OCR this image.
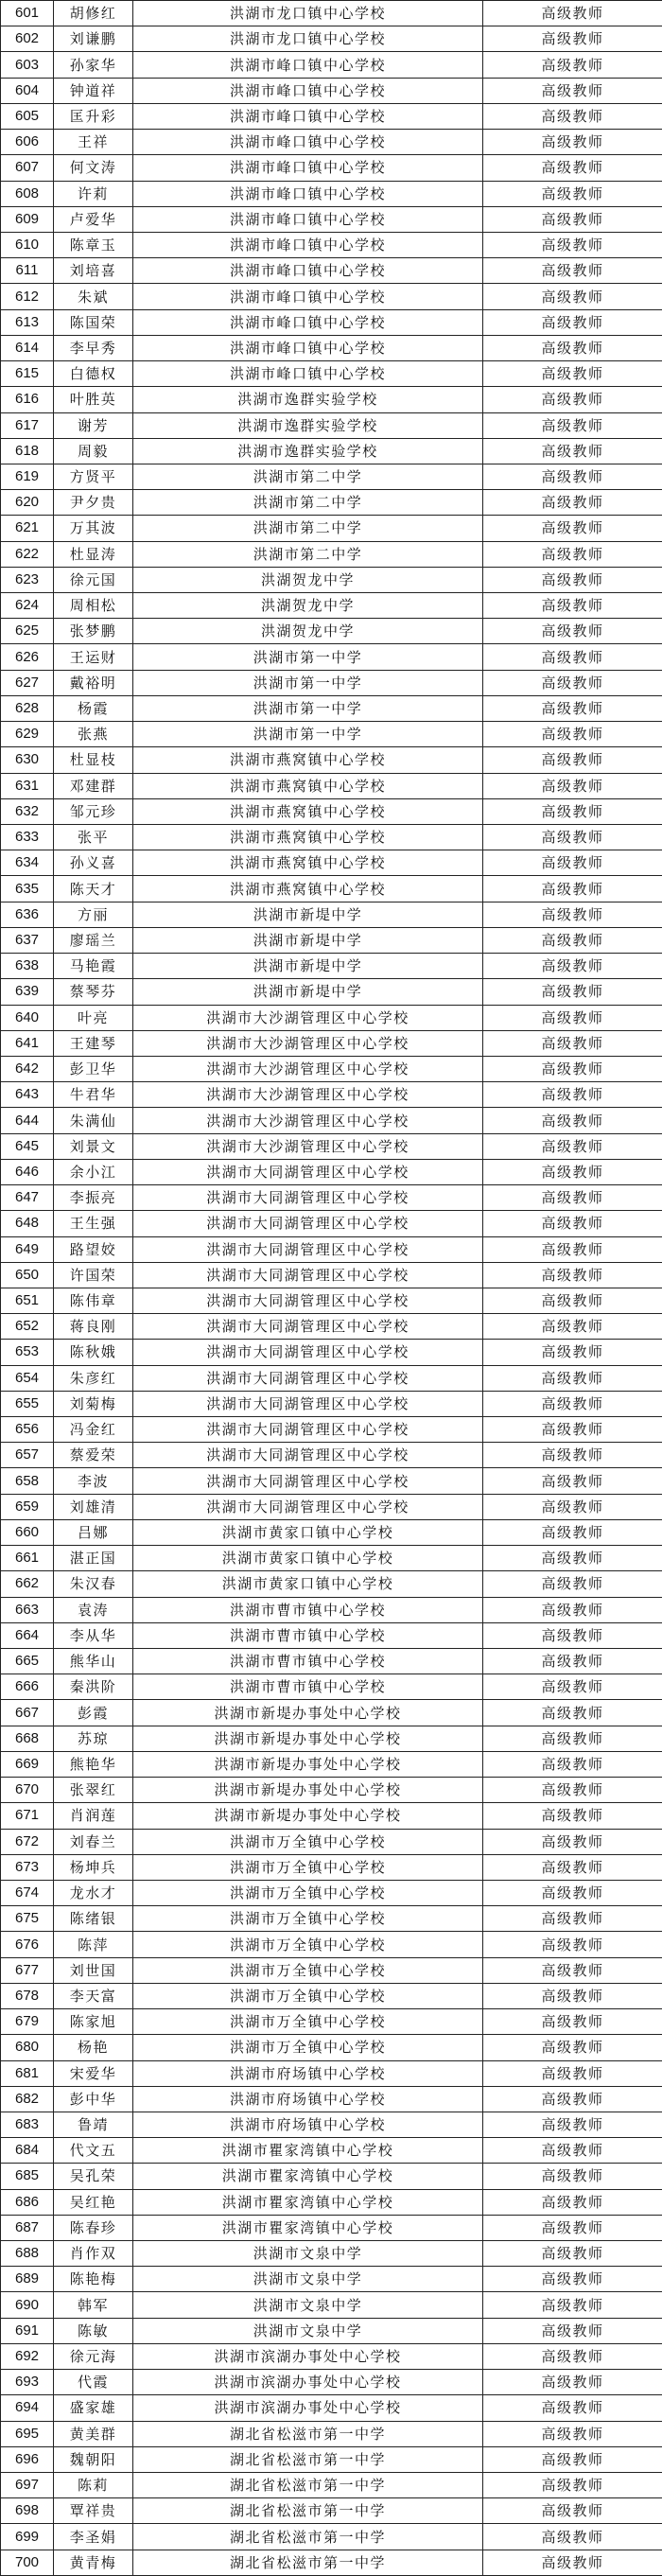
601	胡修红	洪湖市龙口镇中心学校	高级教师
602	刘谦鹏	洪湖市龙口镇中心学校	高级教师
603	孙家华	洪湖市峰口镇中心学校	高级教师
604	钟道祥	洪湖市峰口镇中心学校	高级教师
605	匡升彩	洪湖市峰口镇中心学校	高级教师
606	王祥	洪湖市峰口镇中心学校	高级教师
607	何文涛	洪湖市峰口镇中心学校	高级教师
608	许莉	洪湖市峰口镇中心学校	高级教师
609	卢爱华	洪湖市峰口镇中心学校	高级教师
610	陈章玉	洪湖市峰口镇中心学校	高级教师
611	刘培喜	洪湖市峰口镇中心学校	高级教师
612	朱斌	洪湖市峰口镇中心学校	高级教师
613	陈国荣	洪湖市峰口镇中心学校	高级教师
614	李早秀	洪湖市峰口镇中心学校	高级教师
615	白德权	洪湖市峰口镇中心学校	高级教师
616	叶胜英	洪湖市逸群实验学校	高级教师
617	谢芳	洪湖市逸群实验学校	高级教师
618	周毅	洪湖市逸群实验学校	高级教师
619	方贤平	洪湖市第二中学	高级教师
620	尹夕贵	洪湖市第二中学	高级教师
621	万其波	洪湖市第二中学	高级教师
622	杜显涛	洪湖市第二中学	高级教师
623	徐元国	洪湖贺龙中学	高级教师
624	周相松	洪湖贺龙中学	高级教师
625	张梦鹏	洪湖贺龙中学	高级教师
626	王运财	洪湖市第一中学	高级教师
627	戴裕明	洪湖市第一中学	高级教师
628	杨霞	洪湖市第一中学	高级教师
629	张燕	洪湖市第一中学	高级教师
630	杜显枝	洪湖市燕窝镇中心学校	高级教师
631	邓建群	洪湖市燕窝镇中心学校	高级教师
632	邹元珍	洪湖市燕窝镇中心学校	高级教师
633	张平	洪湖市燕窝镇中心学校	高级教师
634	孙义喜	洪湖市燕窝镇中心学校	高级教师
635	陈天才	洪湖市燕窝镇中心学校	高级教师
636	方丽	洪湖市新堤中学	高级教师
637	廖瑶兰	洪湖市新堤中学	高级教师
638	马艳霞	洪湖市新堤中学	高级教师
639	蔡琴芬	洪湖市新堤中学	高级教师
640	叶亮	洪湖市大沙湖管理区中心学校	高级教师
641	王建琴	洪湖市大沙湖管理区中心学校	高级教师
642	彭卫华	洪湖市大沙湖管理区中心学校	高级教师
643	牛君华	洪湖市大沙湖管理区中心学校	高级教师
644	朱满仙	洪湖市大沙湖管理区中心学校	高级教师
645	刘景文	洪湖市大沙湖管理区中心学校	高级教师
646	余小江	洪湖市大同湖管理区中心学校	高级教师
647	李振亮	洪湖市大同湖管理区中心学校	高级教师
648	王生强	洪湖市大同湖管理区中心学校	高级教师
649	路望姣	洪湖市大同湖管理区中心学校	高级教师
650	许国荣	洪湖市大同湖管理区中心学校	高级教师
651	陈伟章	洪湖市大同湖管理区中心学校	高级教师
652	蒋良刚	洪湖市大同湖管理区中心学校	高级教师
653	陈秋娥	洪湖市大同湖管理区中心学校	高级教师
654	朱彦红	洪湖市大同湖管理区中心学校	高级教师
655	刘菊梅	洪湖市大同湖管理区中心学校	高级教师
656	冯金红	洪湖市大同湖管理区中心学校	高级教师
657	蔡爱荣	洪湖市大同湖管理区中心学校	高级教师
658	李波	洪湖市大同湖管理区中心学校	高级教师
659	刘雄清	洪湖市大同湖管理区中心学校	高级教师
660	吕娜	洪湖市黄家口镇中心学校	高级教师
661	湛正国	洪湖市黄家口镇中心学校	高级教师
662	朱汉春	洪湖市黄家口镇中心学校	高级教师
663	袁涛	洪湖市曹市镇中心学校	高级教师
664	李从华	洪湖市曹市镇中心学校	高级教师
665	熊华山	洪湖市曹市镇中心学校	高级教师
666	秦洪阶	洪湖市曹市镇中心学校	高级教师
667	彭霞	洪湖市新堤办事处中心学校	高级教师
668	苏琼	洪湖市新堤办事处中心学校	高级教师
669	熊艳华	洪湖市新堤办事处中心学校	高级教师
670	张翠红	洪湖市新堤办事处中心学校	高级教师
671	肖润莲	洪湖市新堤办事处中心学校	高级教师
672	刘春兰	洪湖市万全镇中心学校	高级教师
673	杨坤兵	洪湖市万全镇中心学校	高级教师
674	龙水才	洪湖市万全镇中心学校	高级教师
675	陈绪银	洪湖市万全镇中心学校	高级教师
676	陈萍	洪湖市万全镇中心学校	高级教师
677	刘世国	洪湖市万全镇中心学校	高级教师
678	李天富	洪湖市万全镇中心学校	高级教师
679	陈家旭	洪湖市万全镇中心学校	高级教师
680	杨艳	洪湖市万全镇中心学校	高级教师
681	宋爱华	洪湖市府场镇中心学校	高级教师
682	彭中华	洪湖市府场镇中心学校	高级教师
683	鲁靖	洪湖市府场镇中心学校	高级教师
684	代文五	洪湖市瞿家湾镇中心学校	高级教师
685	吴孔荣	洪湖市瞿家湾镇中心学校	高级教师
686	吴红艳	洪湖市瞿家湾镇中心学校	高级教师
687	陈春珍	洪湖市瞿家湾镇中心学校	高级教师
688	肖作双	洪湖市文泉中学	高级教师
689	陈艳梅	洪湖市文泉中学	高级教师
690	韩军	洪湖市文泉中学	高级教师
691	陈敏	洪湖市文泉中学	高级教师
692	徐元海	洪湖市滨湖办事处中心学校	高级教师
693	代霞	洪湖市滨湖办事处中心学校	高级教师
694	盛家雄	洪湖市滨湖办事处中心学校	高级教师
695	黄美群	湖北省松滋市第一中学	高级教师
696	魏朝阳	湖北省松滋市第一中学	高级教师
697	陈莉	湖北省松滋市第一中学	高级教师
698	覃祥贵	湖北省松滋市第一中学	高级教师
699	李圣娟	湖北省松滋市第一中学	高级教师
700	黄青梅	湖北省松滋市第一中学	高级教师
